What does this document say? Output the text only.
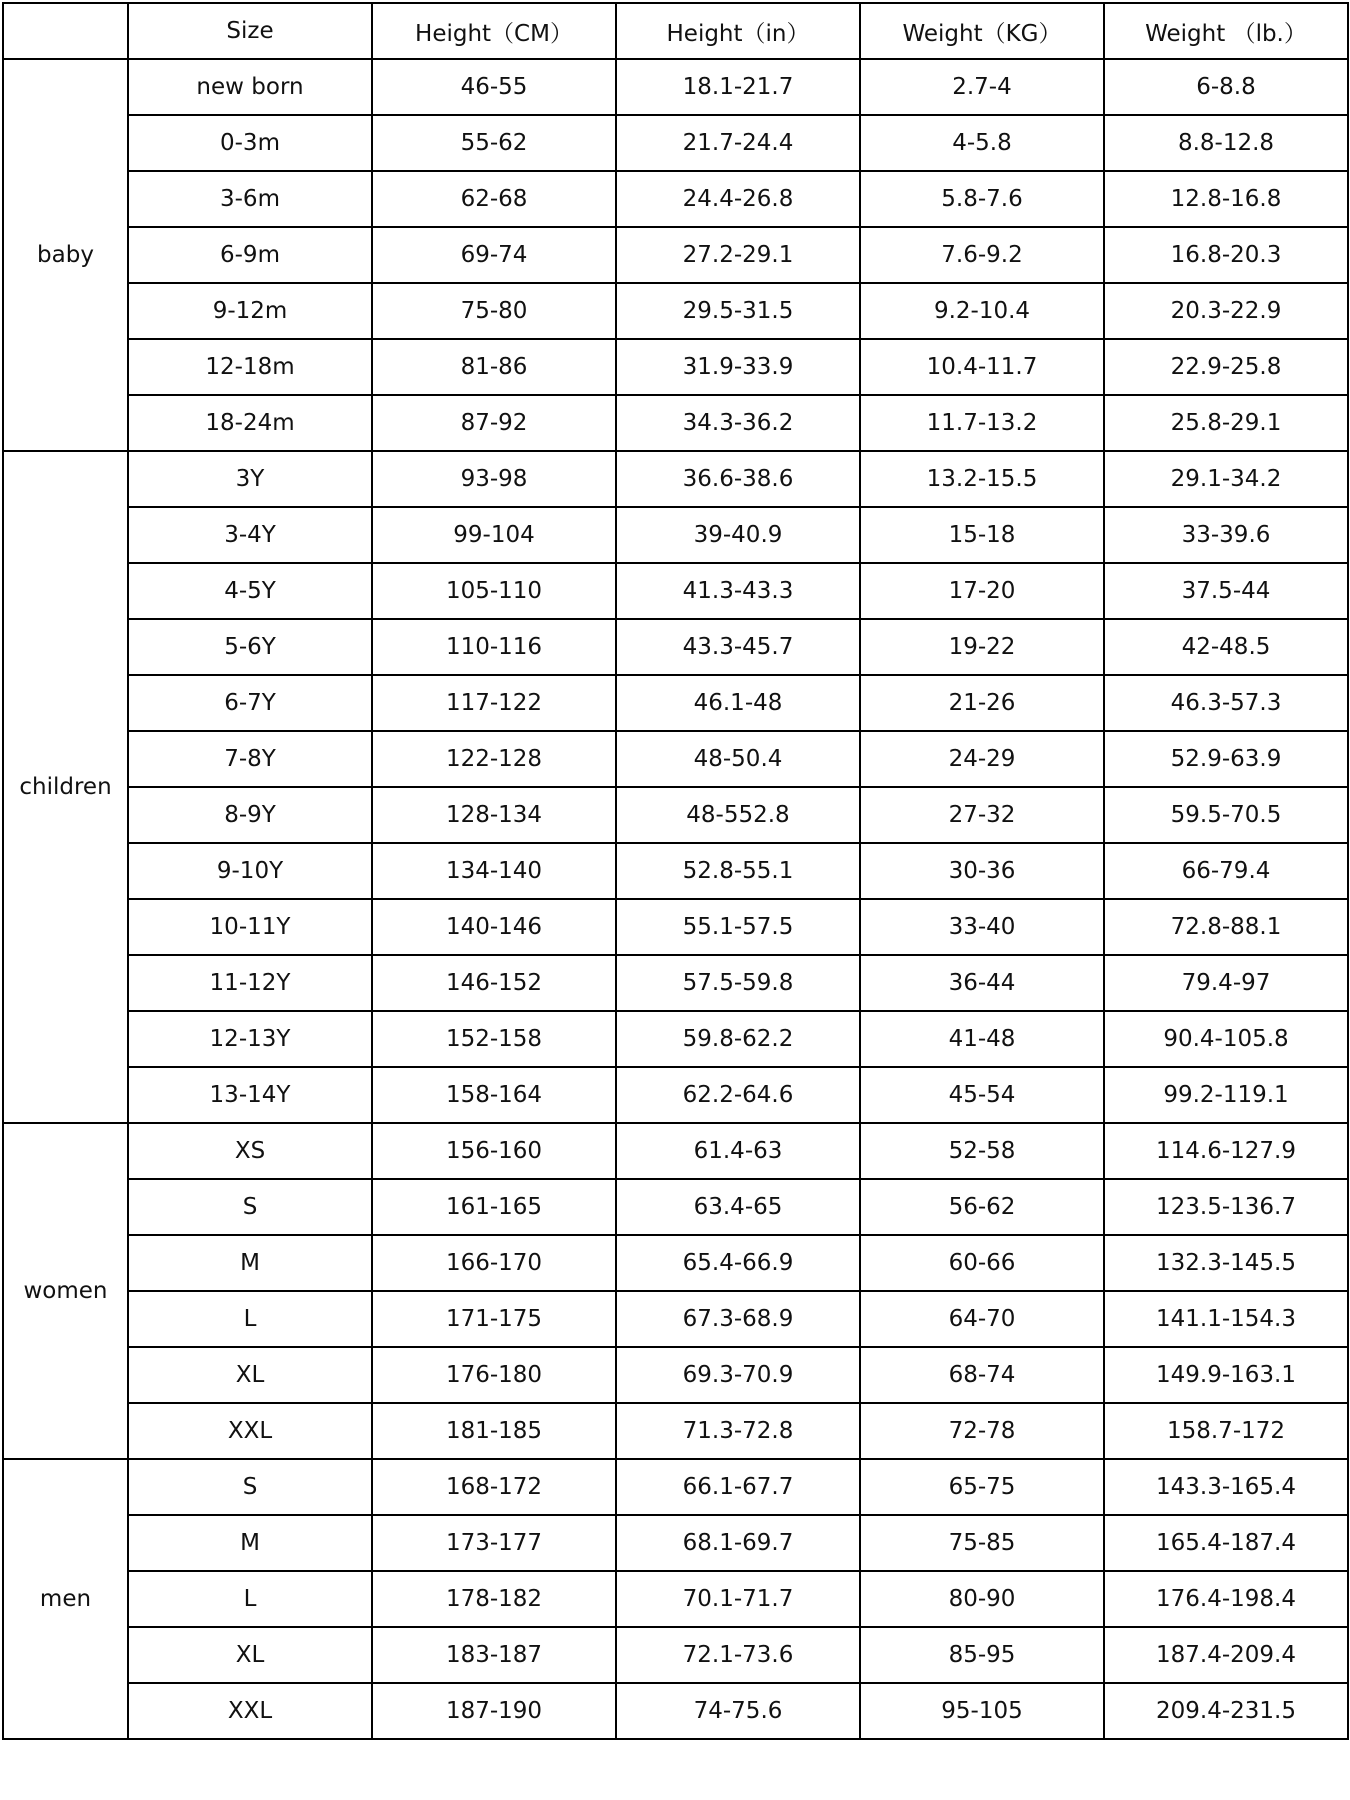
	Size	Height（CM）	Height（in）	Weight（KG）	Weight （lb.）
baby	new born	46-55	18.1-21.7	2.7-4	6-8.8
	0-3m	55-62	21.7-24.4	4-5.8	8.8-12.8
	3-6m	62-68	24.4-26.8	5.8-7.6	12.8-16.8
	6-9m	69-74	27.2-29.1	7.6-9.2	16.8-20.3
	9-12m	75-80	29.5-31.5	9.2-10.4	20.3-22.9
	12-18m	81-86	31.9-33.9	10.4-11.7	22.9-25.8
	18-24m	87-92	34.3-36.2	11.7-13.2	25.8-29.1
children	3Y	93-98	36.6-38.6	13.2-15.5	29.1-34.2
	3-4Y	99-104	39-40.9	15-18	33-39.6
	4-5Y	105-110	41.3-43.3	17-20	37.5-44
	5-6Y	110-116	43.3-45.7	19-22	42-48.5
	6-7Y	117-122	46.1-48	21-26	46.3-57.3
	7-8Y	122-128	48-50.4	24-29	52.9-63.9
	8-9Y	128-134	48-552.8	27-32	59.5-70.5
	9-10Y	134-140	52.8-55.1	30-36	66-79.4
	10-11Y	140-146	55.1-57.5	33-40	72.8-88.1
	11-12Y	146-152	57.5-59.8	36-44	79.4-97
	12-13Y	152-158	59.8-62.2	41-48	90.4-105.8
	13-14Y	158-164	62.2-64.6	45-54	99.2-119.1
women	XS	156-160	61.4-63	52-58	114.6-127.9
	S	161-165	63.4-65	56-62	123.5-136.7
	M	166-170	65.4-66.9	60-66	132.3-145.5
	L	171-175	67.3-68.9	64-70	141.1-154.3
	XL	176-180	69.3-70.9	68-74	149.9-163.1
	XXL	181-185	71.3-72.8	72-78	158.7-172
men	S	168-172	66.1-67.7	65-75	143.3-165.4
	M	173-177	68.1-69.7	75-85	165.4-187.4
	L	178-182	70.1-71.7	80-90	176.4-198.4
	XL	183-187	72.1-73.6	85-95	187.4-209.4
	XXL	187-190	74-75.6	95-105	209.4-231.5
